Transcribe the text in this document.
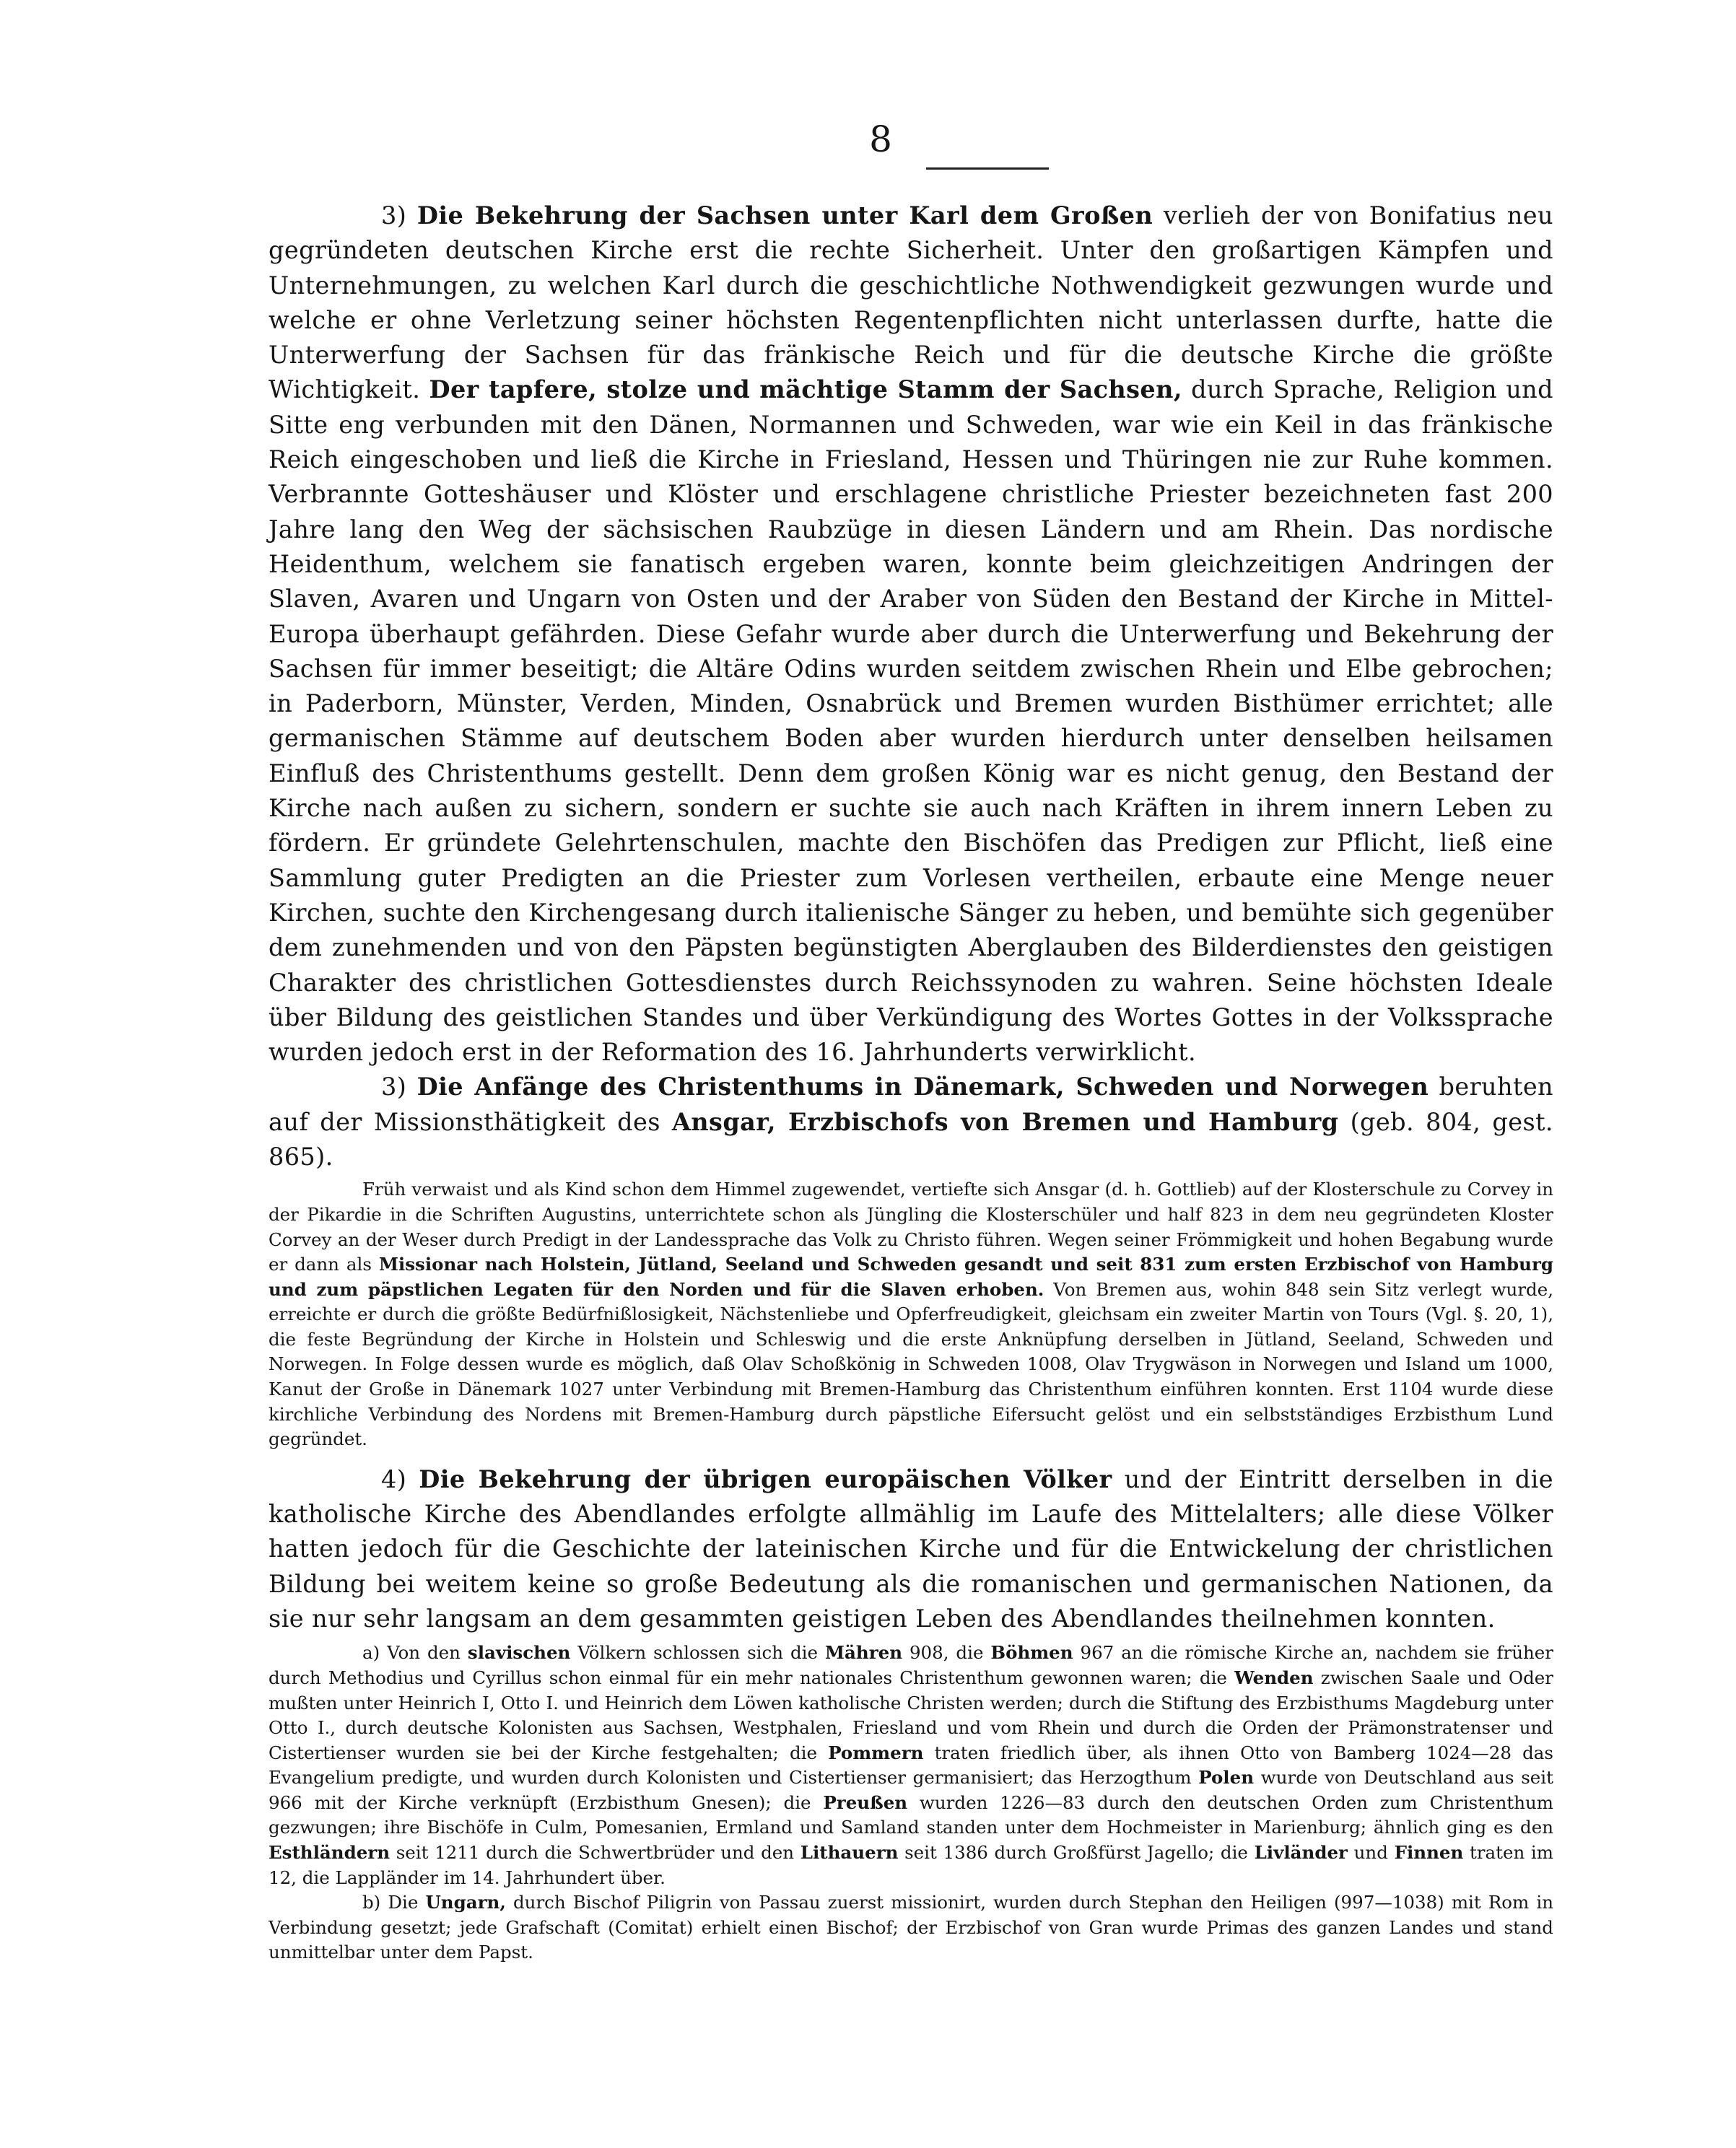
8

3) Die Bekehrung der Sachsen unter Karl dem Großen verlieh der von Bonifatius neu gegründeten deutschen Kirche erst die rechte Sicherheit. Unter den großartigen Kämpfen und Unternehmungen, zu welchen Karl durch die geschichtliche Nothwendigkeit gezwungen wurde und welche er ohne Verletzung seiner höchsten Regentenpflichten nicht unterlassen durfte, hatte die Unterwerfung der Sachsen für das fränkische Reich und für die deutsche Kirche die größte Wichtigkeit. Der tapfere, stolze und mächtige Stamm der Sachsen, durch Sprache, Religion und Sitte eng verbunden mit den Dänen, Normannen und Schweden, war wie ein Keil in das fränkische Reich eingeschoben und ließ die Kirche in Friesland, Hessen und Thüringen nie zur Ruhe kommen. Verbrannte Gotteshäuser und Klöster und erschlagene christliche Priester bezeichneten fast 200 Jahre lang den Weg der sächsischen Raubzüge in diesen Ländern und am Rhein. Das nordische Heidenthum, welchem sie fanatisch ergeben waren, konnte beim gleichzeitigen Andringen der Slaven, Avaren und Ungarn von Osten und der Araber von Süden den Bestand der Kirche in Mittel-Europa überhaupt gefährden. Diese Gefahr wurde aber durch die Unterwerfung und Bekehrung der Sachsen für immer beseitigt; die Altäre Odins wurden seitdem zwischen Rhein und Elbe gebrochen; in Paderborn, Münster, Verden, Minden, Osnabrück und Bremen wurden Bisthümer errichtet; alle germanischen Stämme auf deutschem Boden aber wurden hierdurch unter denselben heilsamen Einfluß des Christenthums gestellt. Denn dem großen König war es nicht genug, den Bestand der Kirche nach außen zu sichern, sondern er suchte sie auch nach Kräften in ihrem innern Leben zu fördern. Er gründete Gelehrtenschulen, machte den Bischöfen das Predigen zur Pflicht, ließ eine Sammlung guter Predigten an die Priester zum Vorlesen vertheilen, erbaute eine Menge neuer Kirchen, suchte den Kirchengesang durch italienische Sänger zu heben, und bemühte sich gegenüber dem zunehmenden und von den Päpsten begünstigten Aberglauben des Bilderdienstes den geistigen Charakter des christlichen Gottesdienstes durch Reichssynoden zu wahren. Seine höchsten Ideale über Bildung des geistlichen Standes und über Verkündigung des Wortes Gottes in der Volkssprache wurden jedoch erst in der Reformation des 16. Jahrhunderts verwirklicht.

3) Die Anfänge des Christenthums in Dänemark, Schweden und Norwegen beruhten auf der Missionsthätigkeit des Ansgar, Erzbischofs von Bremen und Hamburg (geb. 804, gest. 865).

Früh verwaist und als Kind schon dem Himmel zugewendet, vertiefte sich Ansgar (d. h. Gottlieb) auf der Klosterschule zu Corvey in der Pikardie in die Schriften Augustins, unterrichtete schon als Jüngling die Klosterschüler und half 823 in dem neu gegründeten Kloster Corvey an der Weser durch Predigt in der Landessprache das Volk zu Christo führen. Wegen seiner Frömmigkeit und hohen Begabung wurde er dann als Missionar nach Holstein, Jütland, Seeland und Schweden gesandt und seit 831 zum ersten Erzbischof von Hamburg und zum päpstlichen Legaten für den Norden und für die Slaven erhoben. Von Bremen aus, wohin 848 sein Sitz verlegt wurde, erreichte er durch die größte Bedürfnißlosigkeit, Nächstenliebe und Opferfreudigkeit, gleichsam ein zweiter Martin von Tours (Vgl. §. 20, 1), die feste Begründung der Kirche in Holstein und Schleswig und die erste Anknüpfung derselben in Jütland, Seeland, Schweden und Norwegen. In Folge dessen wurde es möglich, daß Olav Schoßkönig in Schweden 1008, Olav Trygwäson in Norwegen und Island um 1000, Kanut der Große in Dänemark 1027 unter Verbindung mit Bremen-Hamburg das Christenthum einführen konnten. Erst 1104 wurde diese kirchliche Verbindung des Nordens mit Bremen-Hamburg durch päpstliche Eifersucht gelöst und ein selbstständiges Erzbisthum Lund gegründet.

4) Die Bekehrung der übrigen europäischen Völker und der Eintritt derselben in die katholische Kirche des Abendlandes erfolgte allmählig im Laufe des Mittelalters; alle diese Völker hatten jedoch für die Geschichte der lateinischen Kirche und für die Entwickelung der christlichen Bildung bei weitem keine so große Bedeutung als die romanischen und germanischen Nationen, da sie nur sehr langsam an dem gesammten geistigen Leben des Abendlandes theilnehmen konnten.

a) Von den slavischen Völkern schlossen sich die Mähren 908, die Böhmen 967 an die römische Kirche an, nachdem sie früher durch Methodius und Cyrillus schon einmal für ein mehr nationales Christenthum gewonnen waren; die Wenden zwischen Saale und Oder mußten unter Heinrich I, Otto I. und Heinrich dem Löwen katholische Christen werden; durch die Stiftung des Erzbisthums Magdeburg unter Otto I., durch deutsche Kolonisten aus Sachsen, Westphalen, Friesland und vom Rhein und durch die Orden der Prämonstratenser und Cistertienser wurden sie bei der Kirche festgehalten; die Pommern traten friedlich über, als ihnen Otto von Bamberg 1024—28 das Evangelium predigte, und wurden durch Kolonisten und Cistertienser germanisiert; das Herzogthum Polen wurde von Deutschland aus seit 966 mit der Kirche verknüpft (Erzbisthum Gnesen); die Preußen wurden 1226—83 durch den deutschen Orden zum Christenthum gezwungen; ihre Bischöfe in Culm, Pomesanien, Ermland und Samland standen unter dem Hochmeister in Marienburg; ähnlich ging es den Esthländern seit 1211 durch die Schwertbrüder und den Lithauern seit 1386 durch Großfürst Jagello; die Livländer und Finnen traten im 12, die Lappländer im 14. Jahrhundert über.

b) Die Ungarn, durch Bischof Piligrin von Passau zuerst missionirt, wurden durch Stephan den Heiligen (997—1038) mit Rom in Verbindung gesetzt; jede Grafschaft (Comitat) erhielt einen Bischof; der Erzbischof von Gran wurde Primas des ganzen Landes und stand unmittelbar unter dem Papst.
